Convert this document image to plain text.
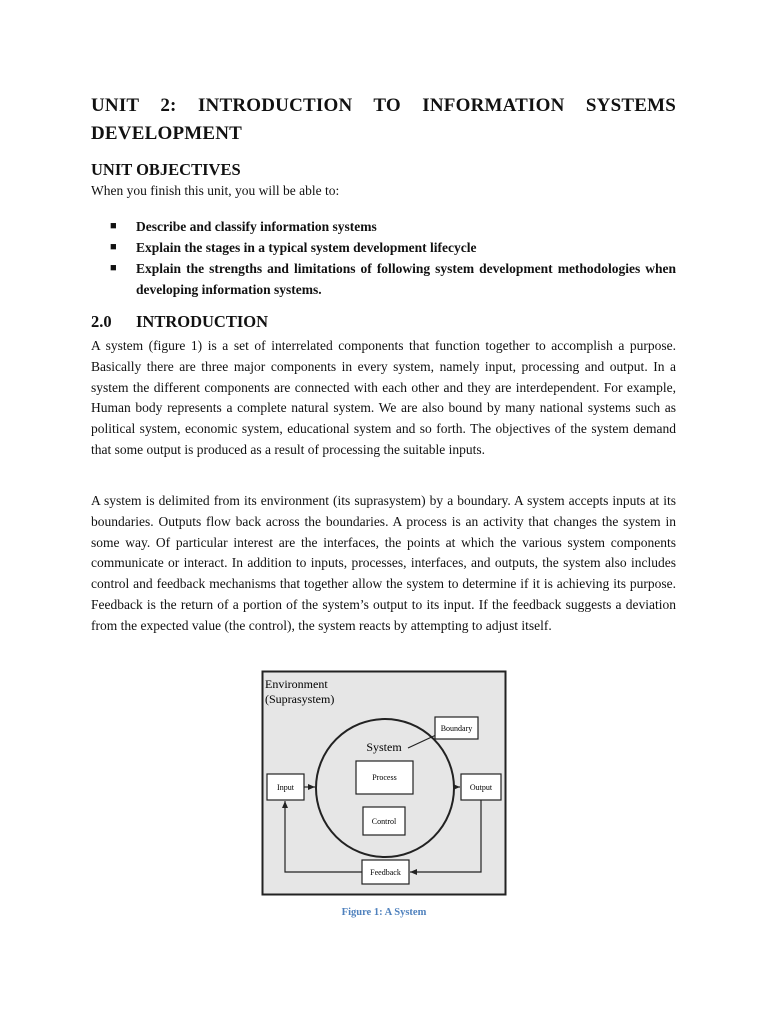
UNIT 2: INTRODUCTION TO INFORMATION SYSTEMS DEVELOPMENT
UNIT OBJECTIVES

When you finish this unit, you will be able to:

■ Describe and classify information systems
■ Explain the stages in a typical system development lifecycle
■ Explain the strengths and limitations of following system development methodologies when developing information systems.
2.0 INTRODUCTION

A system (figure 1) is a set of interrelated components that function together to accomplish a purpose. Basically there are three major components in every system, namely input, processing and output. In a system the different components are connected with each other and they are interdependent. For example, Human body represents a complete natural system. We are also bound by many national systems such as political system, economic system, educational system and so forth. The objectives of the system demand that some output is produced as a result of processing the suitable inputs.

A system is delimited from its environment (its suprasystem) by a boundary. A system accepts inputs at its boundaries. Outputs flow back across the boundaries. A process is an activity that changes the system in some way. Of particular interest are the interfaces, the points at which the various system components communicate or interact. In addition to inputs, processes, interfaces, and outputs, the system also includes control and feedback mechanisms that together allow the system to determine if it is achieving its purpose. Feedback is the return of a portion of the system’s output to its input. If the feedback suggests a deviation from the expected value (the control), the system reacts by attempting to adjust itself.

Environment
(Suprasystem)
System
Boundary
Process
Control
Input	Output
Feedback

Figure 1: A System
